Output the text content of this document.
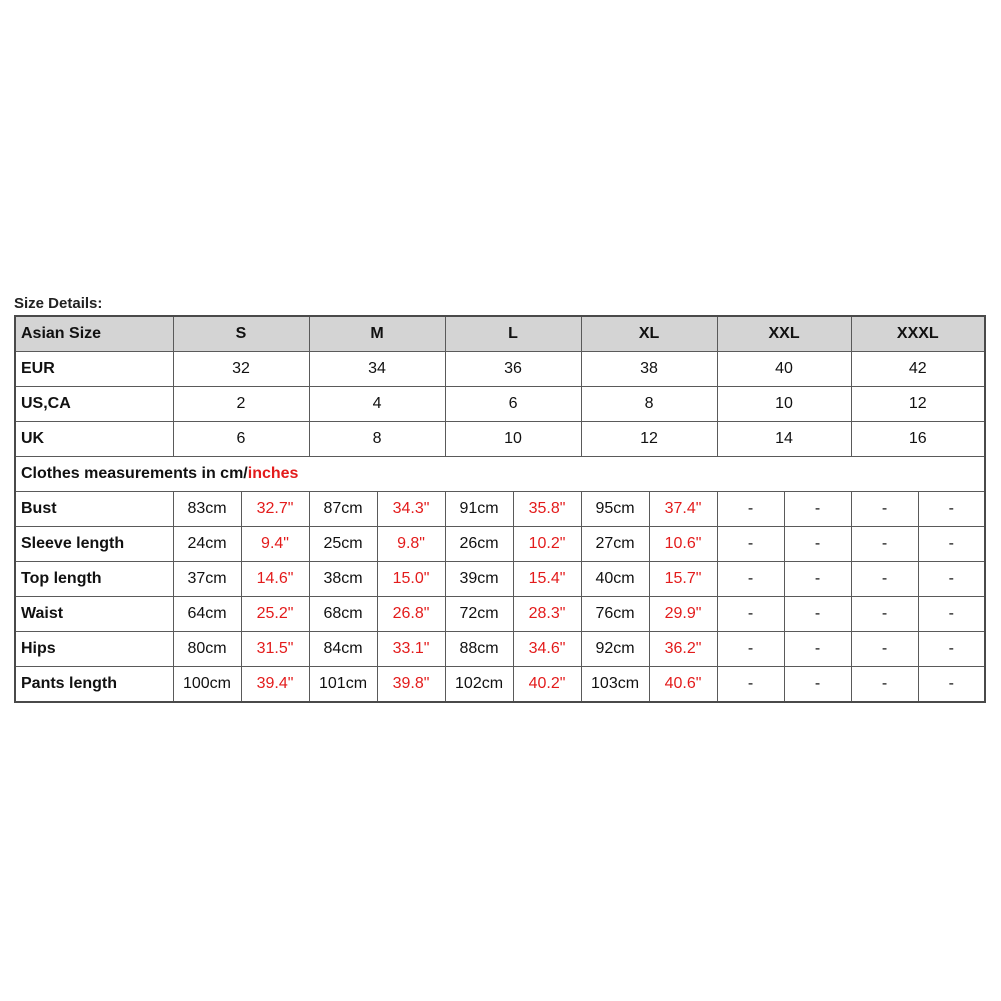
Size Details:
Asian Size	S		M		L		XL		XXL		XXXL	
EUR	32		34		36		38		40		42	
US,CA	2		4		6		8		10		12	
UK	6		8		10		12		14		16	
Clothes measurements in cm/inches												
Bust	83cm	32.7"	87cm	34.3"	91cm	35.8"	95cm	37.4"	-	-	-	-
Sleeve length	24cm	9.4"	25cm	9.8"	26cm	10.2"	27cm	10.6"	-	-	-	-
Top length	37cm	14.6"	38cm	15.0"	39cm	15.4"	40cm	15.7"	-	-	-	-
Waist	64cm	25.2"	68cm	26.8"	72cm	28.3"	76cm	29.9"	-	-	-	-
Hips	80cm	31.5"	84cm	33.1"	88cm	34.6"	92cm	36.2"	-	-	-	-
Pants length	100cm	39.4"	101cm	39.8"	102cm	40.2"	103cm	40.6"	-	-	-	-
